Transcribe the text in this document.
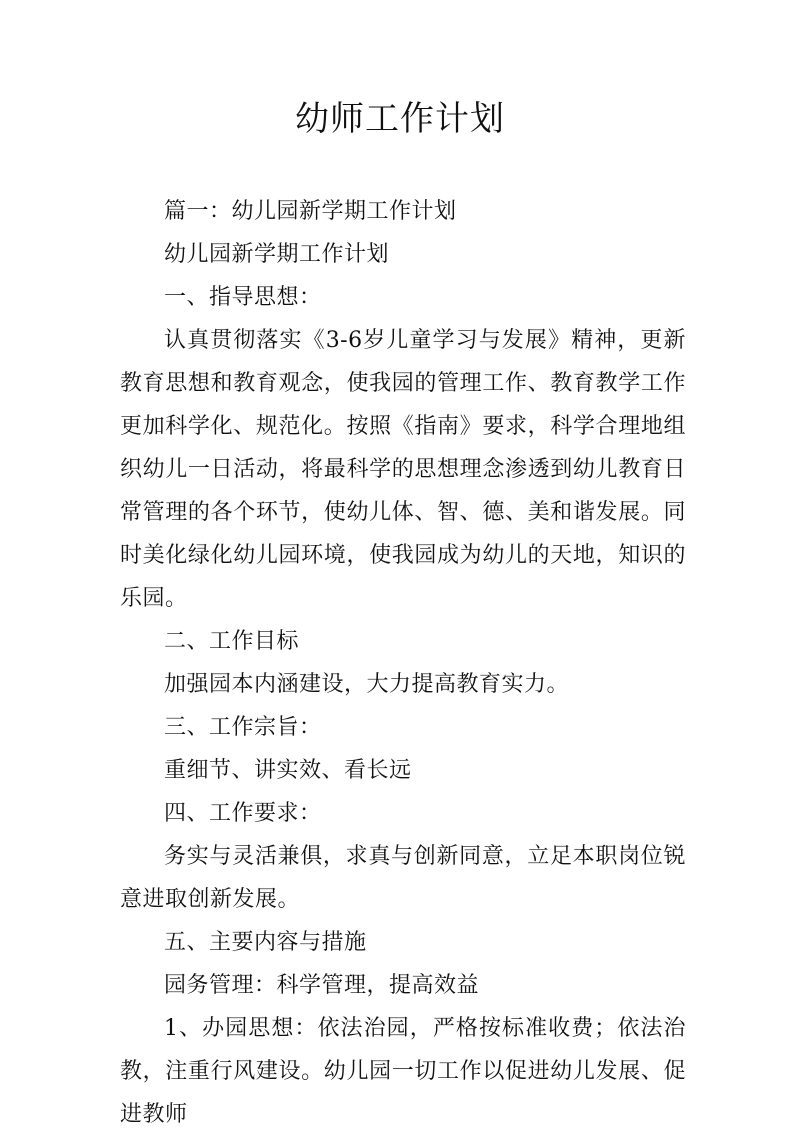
幼师工作计划

篇一：幼儿园新学期工作计划

幼儿园新学期工作计划

一、指导思想：

认真贯彻落实《3-6岁儿童学习与发展》精神，更新教育思想和教育观念，使我园的管理工作、教育教学工作更加科学化、规范化。按照《指南》要求，科学合理地组织幼儿一日活动，将最科学的思想理念渗透到幼儿教育日常管理的各个环节，使幼儿体、智、德、美和谐发展。同时美化绿化幼儿园环境，使我园成为幼儿的天地，知识的乐园。

二、工作目标

加强园本内涵建设，大力提高教育实力。

三、工作宗旨：

重细节、讲实效、看长远

四、工作要求：

务实与灵活兼俱，求真与创新同意，立足本职岗位锐意进取创新发展。

五、主要内容与措施

园务管理：科学管理，提高效益

1、办园思想：依法治园，严格按标准收费；依法治教，注重行风建设。幼儿园一切工作以促进幼儿发展、促进教师
